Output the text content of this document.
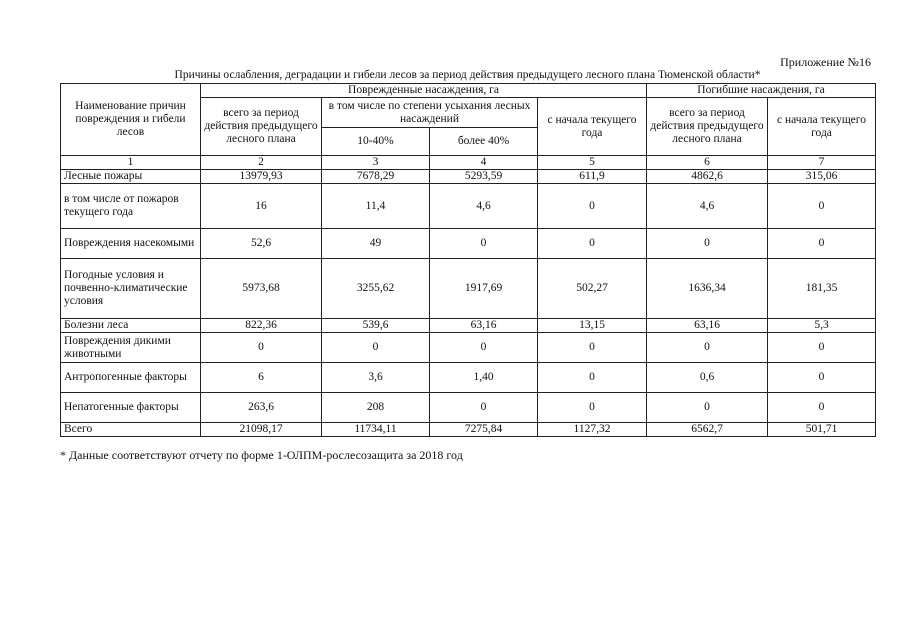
Приложение №16
Причины ослабления, деградации и гибели лесов за период действия предыдущего лесного плана Тюменской области*
Наименование причин повреждения и гибели лесов	Поврежденные насаждения, га				Погибшие насаждения, га	
	всего за период действия предыдущего лесного плана	в том числе по степени усыхания лесных насаждений		с начала текущего года	всего за период действия предыдущего лесного плана	с начала текущего года
		10-40%	более 40%			
1	2	3	4	5	6	7
Лесные пожары	13979,93	7678,29	5293,59	611,9	4862,6	315,06
в том числе от пожаров текущего года	16	11,4	4,6	0	4,6	0
Повреждения насекомыми	52,6	49	0	0	0	0
Погодные условия и почвенно-климатические условия	5973,68	3255,62	1917,69	502,27	1636,34	181,35
Болезни леса	822,36	539,6	63,16	13,15	63,16	5,3
Повреждения дикими животными	0	0	0	0	0	0
Антропогенные факторы	6	3,6	1,40	0	0,6	0
Непатогенные факторы	263,6	208	0	0	0	0
Всего	21098,17	11734,11	7275,84	1127,32	6562,7	501,71
* Данные соответствуют отчету по форме 1-ОЛПМ-рослесозащита за 2018 год
